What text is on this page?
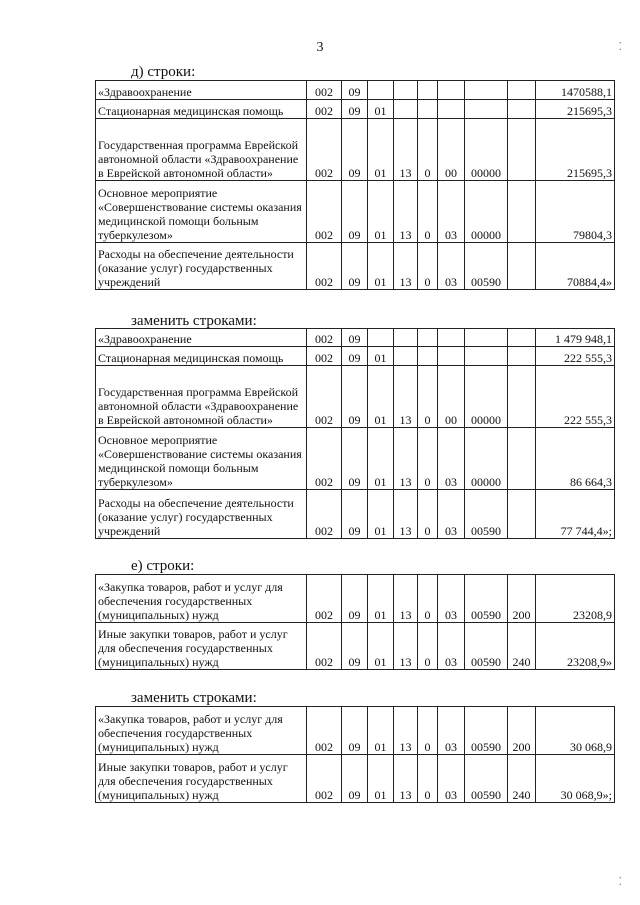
3
д) строки:
«Здравоохранение	002	09							1470588,1
Стационарная медицинская помощь	002	09	01						215695,3
Государственная программа Еврейской автономной области «Здравоохранение в Еврейской автономной области»	002	09	01	13	0	00	00000		215695,3
Основное мероприятие «Совершенствование системы оказания медицинской помощи больным туберкулезом»	002	09	01	13	0	03	00000		79804,3
Расходы на обеспечение деятельности (оказание услуг) государственных учреждений	002	09	01	13	0	03	00590		70884,4»
заменить строками:
«Здравоохранение	002	09							1 479 948,1
Стационарная медицинская помощь	002	09	01						222 555,3
Государственная программа Еврейской автономной области «Здравоохранение в Еврейской автономной области»	002	09	01	13	0	00	00000		222 555,3
Основное мероприятие «Совершенствование системы оказания медицинской помощи больным туберкулезом»	002	09	01	13	0	03	00000		86 664,3
Расходы на обеспечение деятельности (оказание услуг) государственных учреждений	002	09	01	13	0	03	00590		77 744,4»;
е) строки:
«Закупка товаров, работ и услуг для обеспечения государственных (муниципальных) нужд	002	09	01	13	0	03	00590	200	23208,9
Иные закупки товаров, работ и услуг для обеспечения государственных (муниципальных) нужд	002	09	01	13	0	03	00590	240	23208,9»
заменить строками:
«Закупка товаров, работ и услуг для обеспечения государственных (муниципальных) нужд	002	09	01	13	0	03	00590	200	30 068,9
Иные закупки товаров, работ и услуг для обеспечения государственных (муниципальных) нужд	002	09	01	13	0	03	00590	240	30 068,9»;
⁚
⁚
